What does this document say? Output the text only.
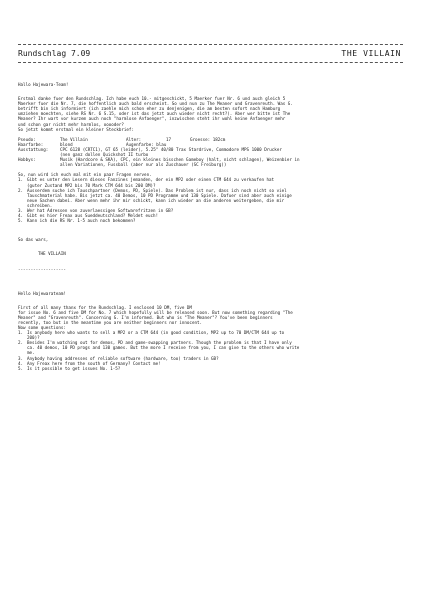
Rundschlag 7.09	THE VILLAIN

Hallo Hajewara-Team!

Erstmal danke fuer den Rundschlag. Ich habe euch 10.- mitgeschickt, 5 Maerker fuer Nr. 6 und auch gleich 5

Maerker fuer die Nr. 7, die hoffentlich auch bald erscheint. So und nun zu The Meaner und Gravenreuth. Was G.

betrifft bin ich informiert (ich zaehle mich schon eher zu denjenigen, die am besten sofort nach Hamburg

umziehen moechten, siehe RS Nr. 6 S.15, oder ist das jetzt auch wieder nicht recht?). Aber wer bitte ist The

Meaner? Ihr wart vor kurzem auch noch "harmlose Anfaenger", inzwischen steht ihr wohl keine Anfaenger mehr

und schon gar nicht mehr harmlos, ooooder?

So jetzt kommt erstmal ein kleiner Steckbrief:

Pseudo:	The Villain	Alter:	17	Groesse: 182cm
Haarfarbe:	blond	Augenfarbe: blau
Ausstattung:	CPC 6128 (CRTC1), GT 65 (leider), 5.25" 40/80 Trax Stardrive, Commodore MPS 1000 Drucker

(nen ganz dollen Quickshot II turbo

Hobbys:	Musik (Hardcore & SKA), CPC, ein kleines bisschen Gameboy (halt, nicht schlagen), Weizenbier in

allen Variationen, Fussball (aber nur als Zuschauer (SC Freiburg))

So, nun wird ich euch mal mit ein paar Fragen nerven.

1. Gibt es unter den Lesern dieses Fanzines jemanden, der ein MP2 oder einen CTM 644 zu verkaufen hat
(guter Zustand MP2 bis 70 Mark CTM 644 bis 200 DM)?
2. Ausserdem suche ich Tauschpartner (Demos, PD, Spiele). Das Problem ist nur, dass ich noch nicht so viel
Tauschmaterial habe. Bis jetzt ca. 40 Demos, 10 PD Programme und 130 Spiele. Dafuer sind aber auch einige
neue Sachen dabei. Aber wenn mehr ihr mir schickt, kann ich wieder an die anderen weitergeben, die mir
schreiben.
3. Wer hat Adressen von zuverlaessigen Softwarefritzen in GB?
4. Gibt es hier Freax aus Sueddeutschland? Meldet euch!
5. Kann ich die RS Nr. 1-5 auch noch bekommen?

So das wars,

THE VILLAIN

-------------------

Hello Hajewarateam!

First of all many thanx for the Rundschlag. I enclosed 10 DM, five DM

for issue No. 6 and five DM for No. 7 which hopefully will be released soon. But now something regarding "The

Meaner" and "Gravenreuth". Concerning G. I'm informed. But who is "The Meaner"? You've been beginners

recently, too but in the meantime you are neither beginners nor innocent.

Now some questions:

1. Is anybody here who wants to sell a MP2 or a CTM 644 (in good condition, MP2 up to 70 DM/CTM 644 up to
200)?
2. Besides I'm watching out for demos, PD and game-swapping partners. Though the problem is that I have only
ca. 40 demos, 10 PD progs and 130 games. But the more I receive from you, I can give to the others who write
me.
3. Anybody having addresses of reliable software (hardware, too) traders in GB?
4. Any Freax here from the south of Germany? Contact me!
5. Is it possible to get issues No. 1-5?
